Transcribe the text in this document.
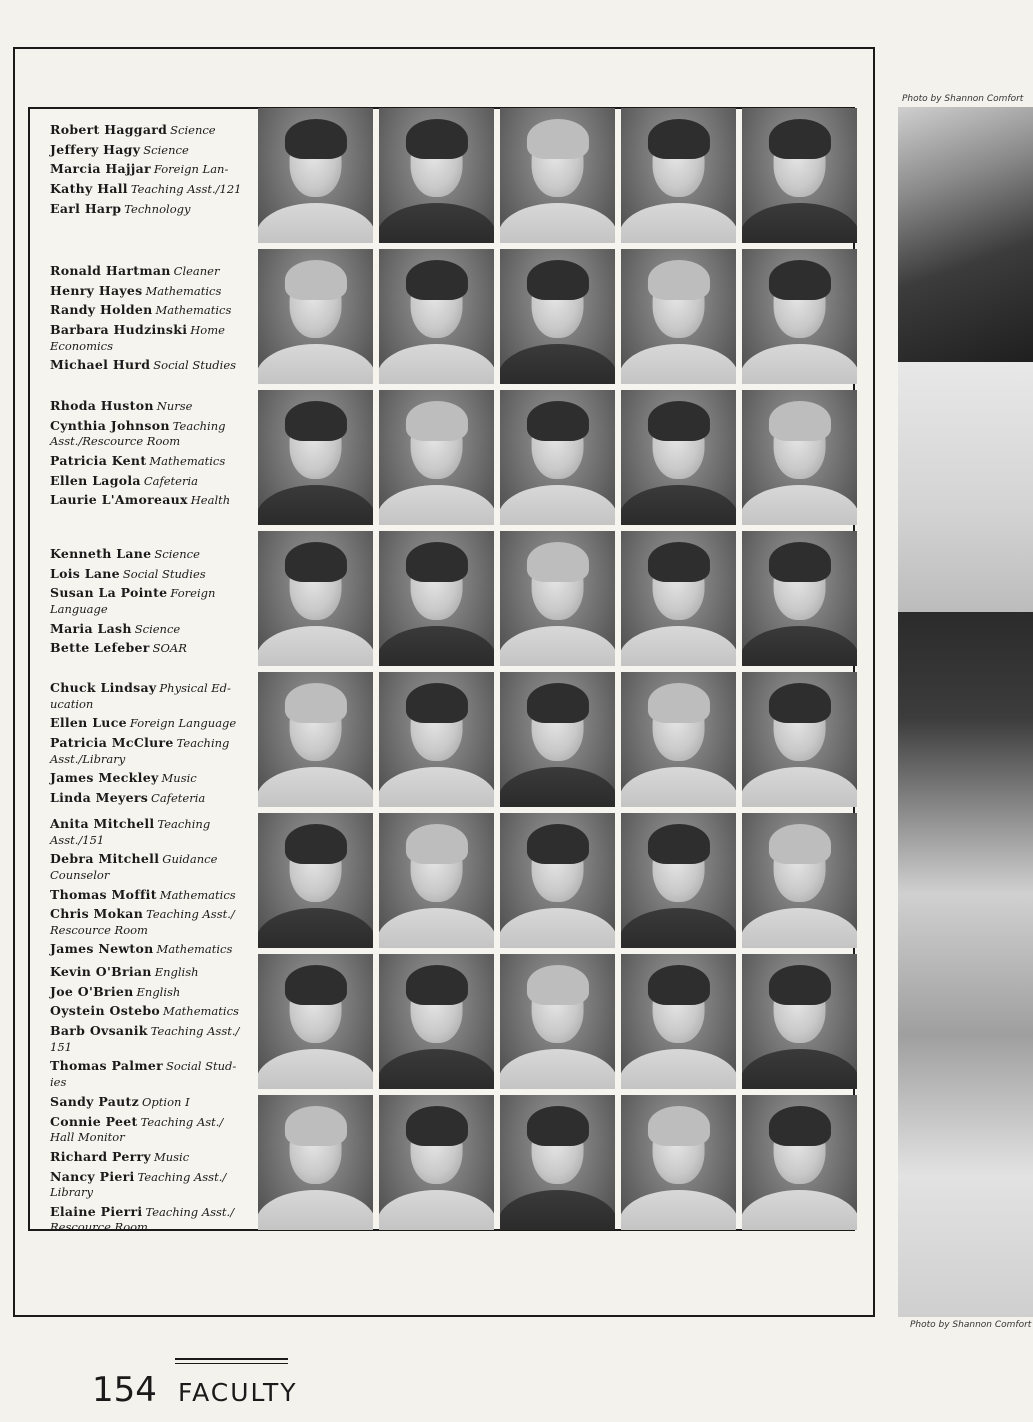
Robert Haggard Science
Jeffery Hagy Science
Marcia Hajjar Foreign Lan-
Kathy Hall Teaching Asst./121
Earl Harp Technology
Ronald Hartman Cleaner
Henry Hayes Mathematics
Randy Holden Mathematics
Barbara Hudzinski Home Economics
Michael Hurd Social Studies
Rhoda Huston Nurse
Cynthia Johnson Teaching Asst./Rescource Room
Patricia Kent Mathematics
Ellen Lagola Cafeteria
Laurie L'Amoreaux Health
Kenneth Lane Science
Lois Lane Social Studies
Susan La Pointe Foreign Language
Maria Lash Science
Bette Lefeber SOAR
Chuck Lindsay Physical Ed- ucation
Ellen Luce Foreign Language
Patricia McClure Teaching Asst./Library
James Meckley Music
Linda Meyers Cafeteria
Anita Mitchell Teaching Asst./151
Debra Mitchell Guidance Counselor
Thomas Moffit Mathematics
Chris Mokan Teaching Asst./ Rescource Room
James Newton Mathematics
Kevin O'Brian English
Joe O'Brien English
Oystein Ostebo Mathematics
Barb Ovsanik Teaching Asst./ 151
Thomas Palmer Social Stud- ies
Sandy Pautz Option I
Connie Peet Teaching Ast./ Hall Monitor
Richard Perry Music
Nancy Pieri Teaching Asst./ Library
Elaine Pierri Teaching Asst./ Rescource Room
Photo by Shannon Comfort
Photo by Shannon Comfort
154 FACULTY
